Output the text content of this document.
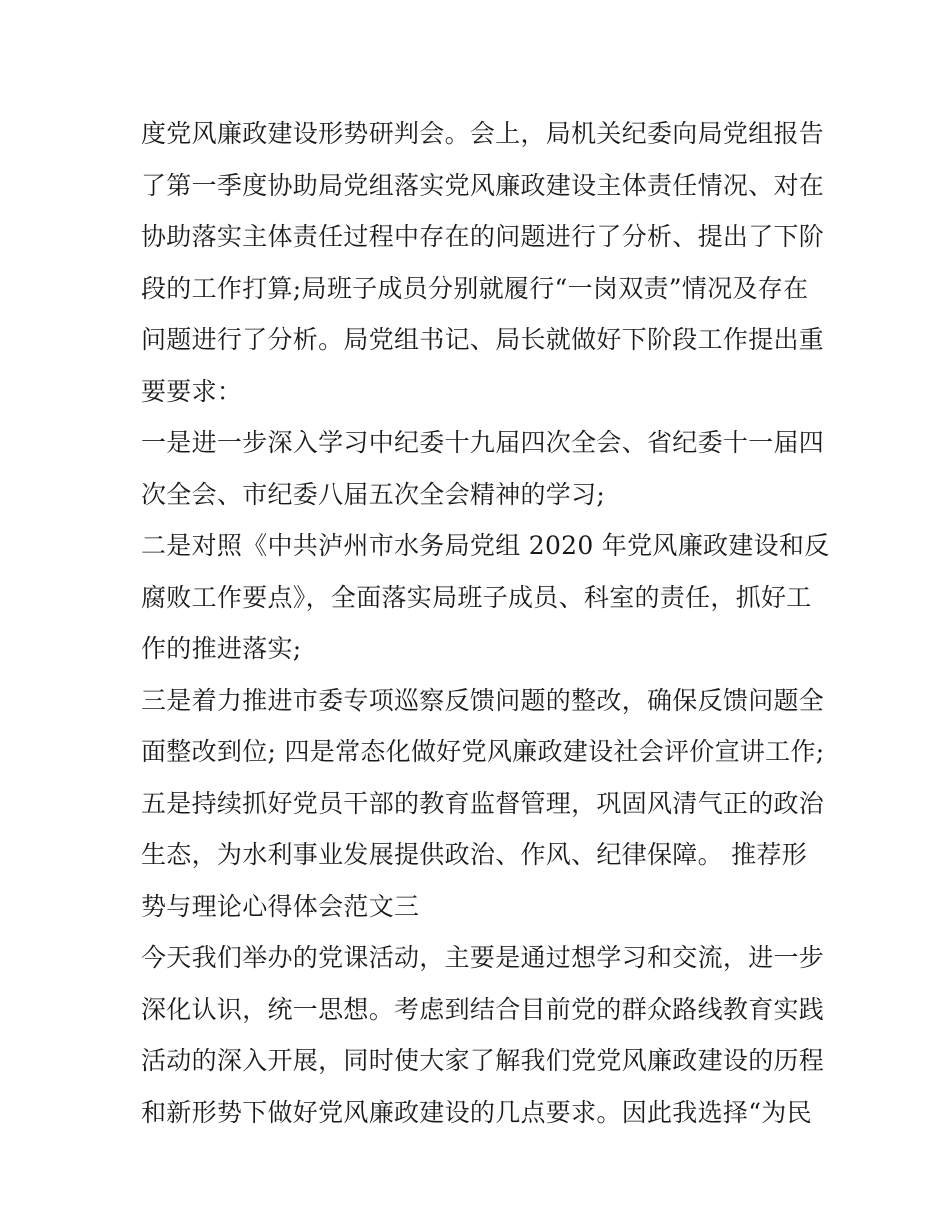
度党风廉政建设形势研判会。会上，局机关纪委向局党组报告
了第一季度协助局党组落实党风廉政建设主体责任情况、对在
协助落实主体责任过程中存在的问题进行了分析、提出了下阶
段的工作打算;局班子成员分别就履行“一岗双责”情况及存在
问题进行了分析。局党组书记、局长就做好下阶段工作提出重
要要求：
一是进一步深入学习中纪委十九届四次全会、省纪委十一届四
次全会、市纪委八届五次全会精神的学习;
二是对照《中共泸州市水务局党组 2020 年党风廉政建设和反
腐败工作要点》，全面落实局班子成员、科室的责任，抓好工
作的推进落实;
三是着力推进市委专项巡察反馈问题的整改，确保反馈问题全
面整改到位; 四是常态化做好党风廉政建设社会评价宣讲工作;
五是持续抓好党员干部的教育监督管理，巩固风清气正的政治
生态，为水利事业发展提供政治、作风、纪律保障。 推荐形
势与理论心得体会范文三
今天我们举办的党课活动，主要是通过想学习和交流，进一步
深化认识，统一思想。考虑到结合目前党的群众路线教育实践
活动的深入开展，同时使大家了解我们党党风廉政建设的历程
和新形势下做好党风廉政建设的几点要求。因此我选择“为民
